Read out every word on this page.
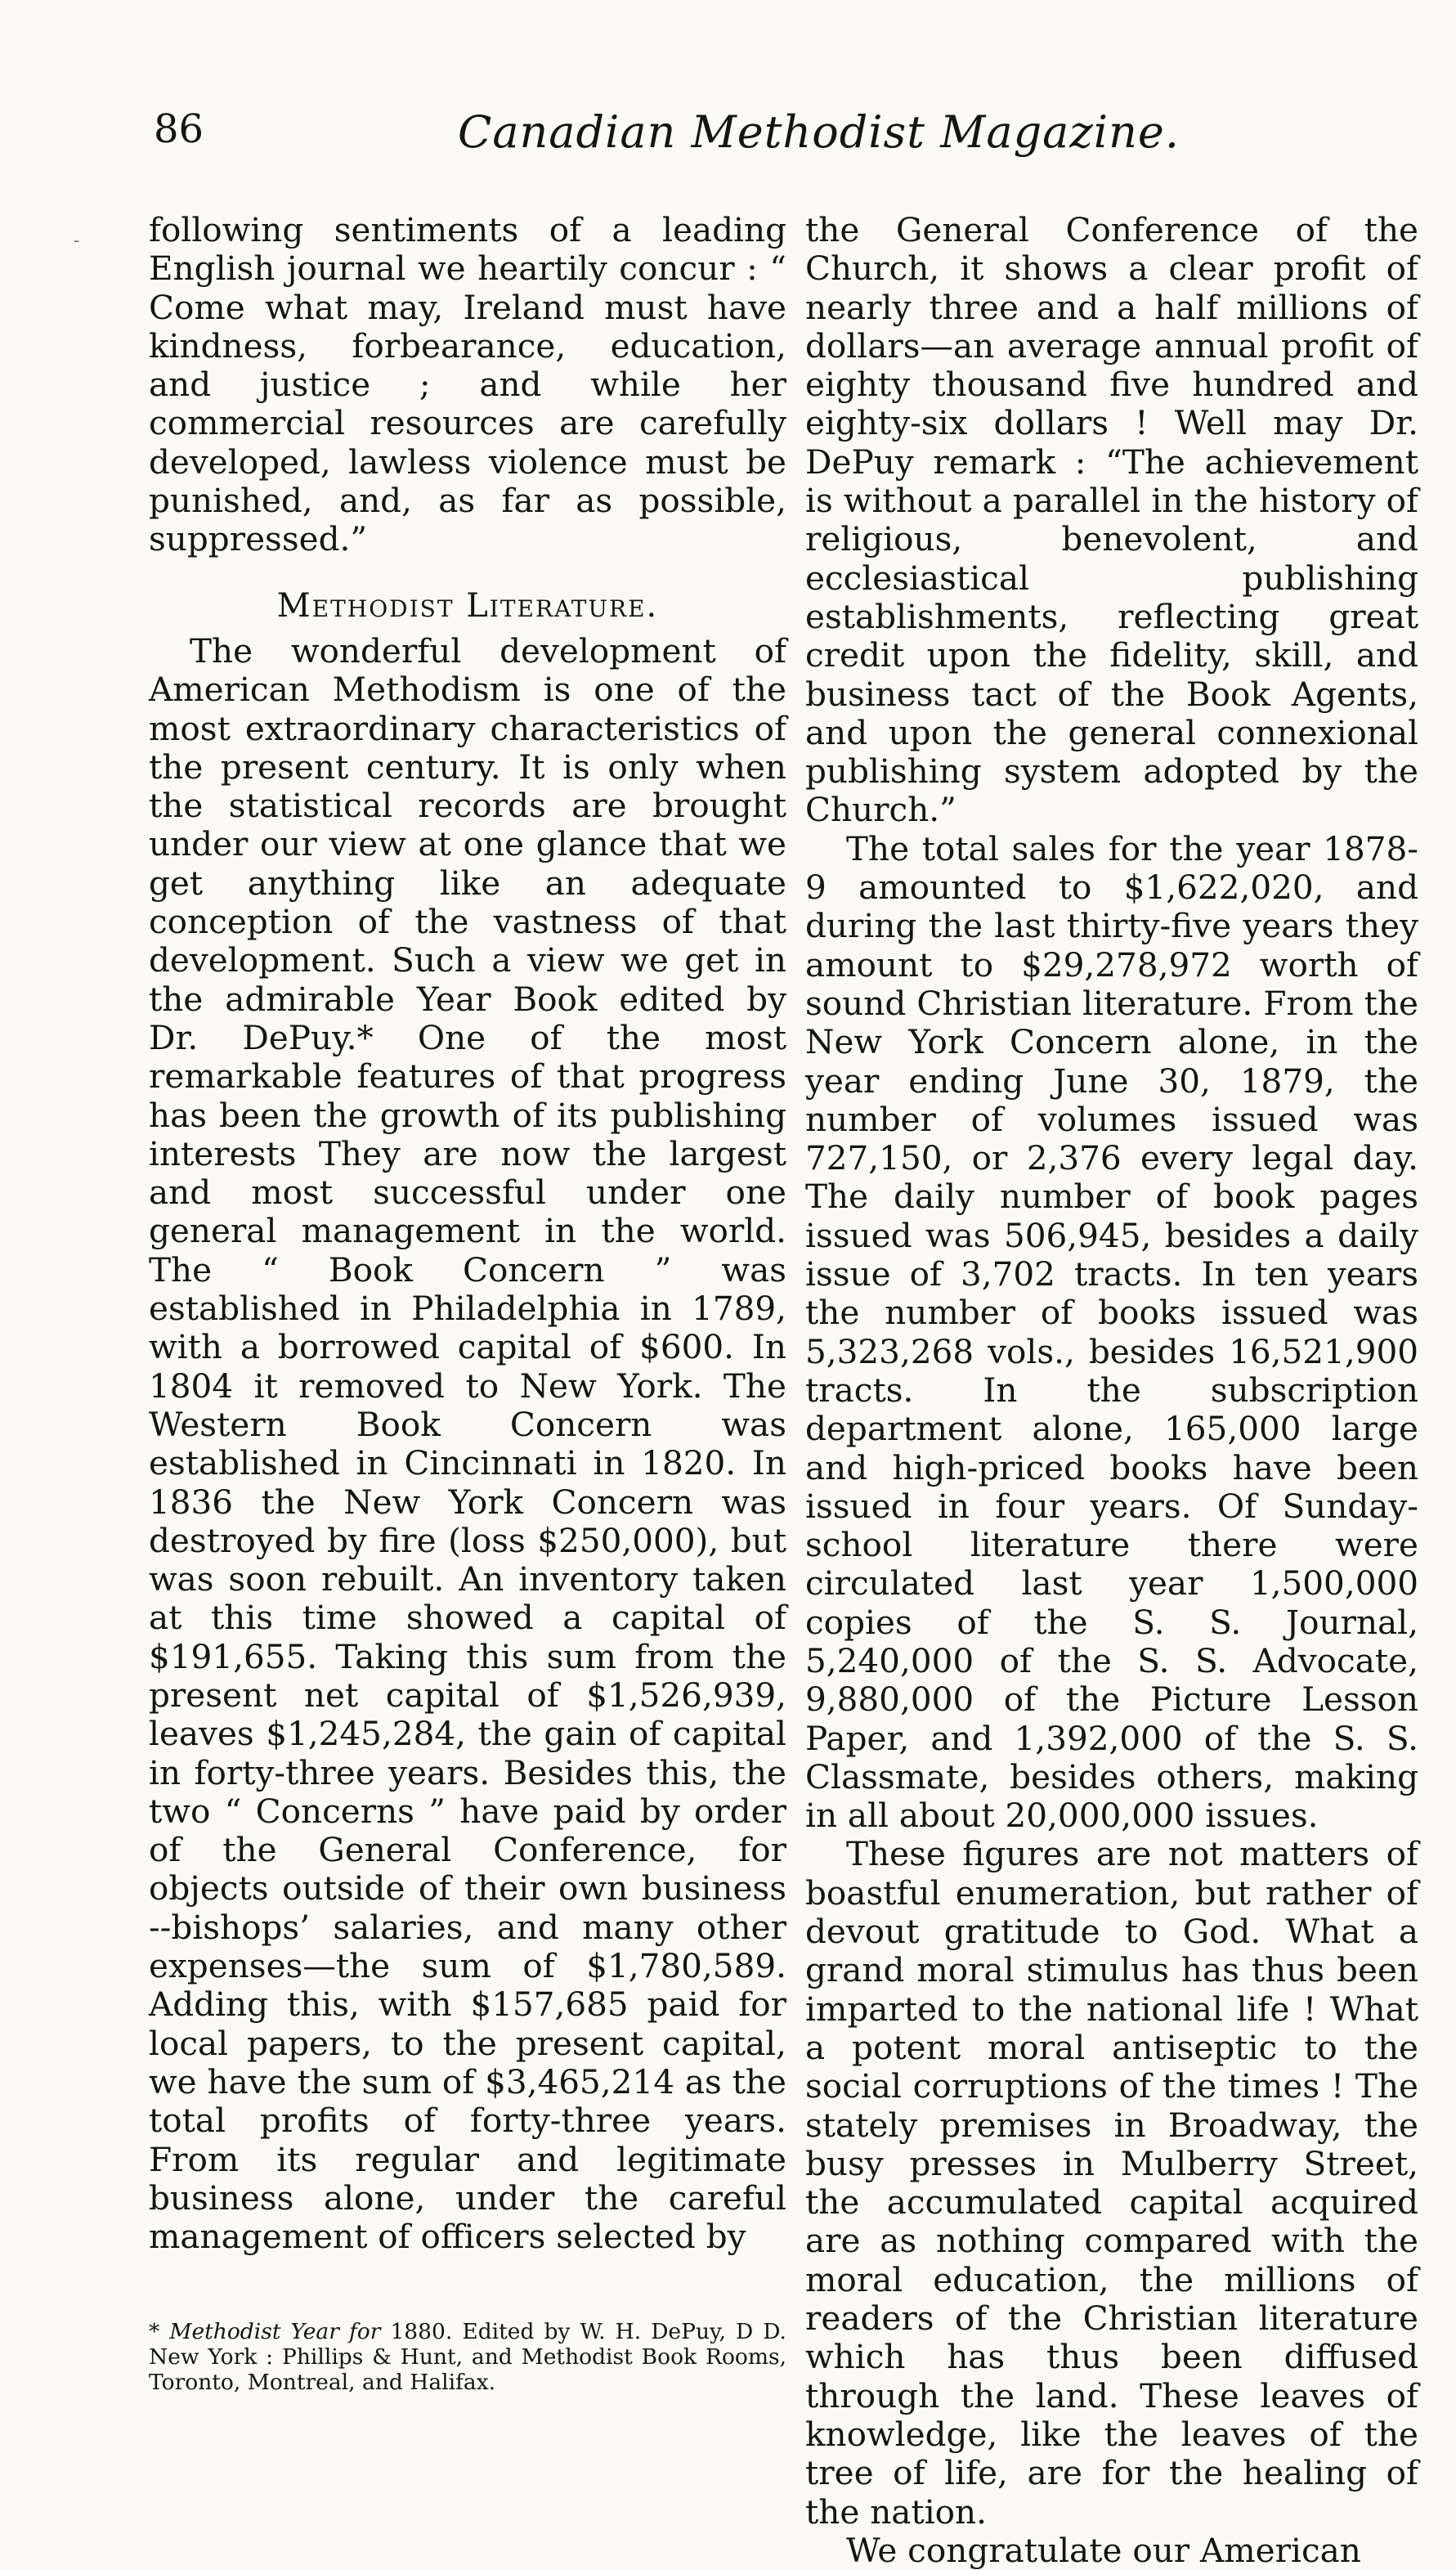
-
86	Canadian Methodist Magazine.

following sentiments of a leading English journal we heartily concur : “ Come what may, Ireland must have kindness, forbearance, education, and justice ; and while her commercial resources are carefully developed, lawless violence must be punished, and, as far as possible, suppressed.”

Methodist Literature.

The wonderful development of American Methodism is one of the most extraordinary characteristics of the present century. It is only when the statistical records are brought under our view at one glance that we get anything like an adequate conception of the vastness of that development. Such a view we get in the admirable Year Book edited by Dr. DePuy.* One of the most remarkable features of that progress has been the growth of its publishing interests They are now the largest and most successful under one general management in the world. The “ Book Concern ” was established in Philadelphia in 1789, with a borrowed capital of $600. In 1804 it removed to New York. The Western Book Concern was established in Cincinnati in 1820. In 1836 the New York Concern was destroyed by fire (loss $250,000), but was soon rebuilt. An inventory taken at this time showed a capital of $191,655. Taking this sum from the present net capital of $1,526,939, leaves $1,245,284, the gain of capital in forty-three years. Besides this, the two “ Concerns ” have paid by order of the General Conference, for objects outside of their own business --bishops’ salaries, and many other expenses—the sum of $1,780,589. Adding this, with $157,685 paid for local papers, to the present capital, we have the sum of $3,465,214 as the total profits of forty-three years. From its regular and legitimate business alone, under the careful management of officers selected by

the General Conference of the Church, it shows a clear profit of nearly three and a half millions of dollars—an average annual profit of eighty thousand five hundred and eighty-six dollars ! Well may Dr. DePuy remark : “The achievement is without a parallel in the history of religious, benevolent, and ecclesiastical publishing establishments, reflecting great credit upon the fidelity, skill, and business tact of the Book Agents, and upon the general connexional publishing system adopted by the Church.”

The total sales for the year 1878-9 amounted to $1,622,020, and during the last thirty-five years they amount to $29,278,972 worth of sound Christian literature. From the New York Concern alone, in the year ending June 30, 1879, the number of volumes issued was 727,150, or 2,376 every legal day. The daily number of book pages issued was 506,945, besides a daily issue of 3,702 tracts. In ten years the number of books issued was 5,323,268 vols., besides 16,521,900 tracts. In the subscription department alone, 165,000 large and high-priced books have been issued in four years. Of Sunday-school literature there were circulated last year 1,500,000 copies of the S. S. Journal, 5,240,000 of the S. S. Advocate, 9,880,000 of the Picture Lesson Paper, and 1,392,000 of the S. S. Classmate, besides others, making in all about 20,000,000 issues.

These figures are not matters of boastful enumeration, but rather of devout gratitude to God. What a grand moral stimulus has thus been imparted to the national life ! What a potent moral antiseptic to the social corruptions of the times ! The stately premises in Broadway, the busy presses in Mulberry Street, the accumulated capital acquired are as nothing compared with the moral education, the millions of readers of the Christian literature which has thus been diffused through the land. These leaves of knowledge, like the leaves of the tree of life, are for the healing of the nation.

We congratulate our American

* Methodist Year for 1880. Edited by W. H. DePuy, D D. New York : Phillips & Hunt, and Methodist Book Rooms, Toronto, Montreal, and Halifax.
